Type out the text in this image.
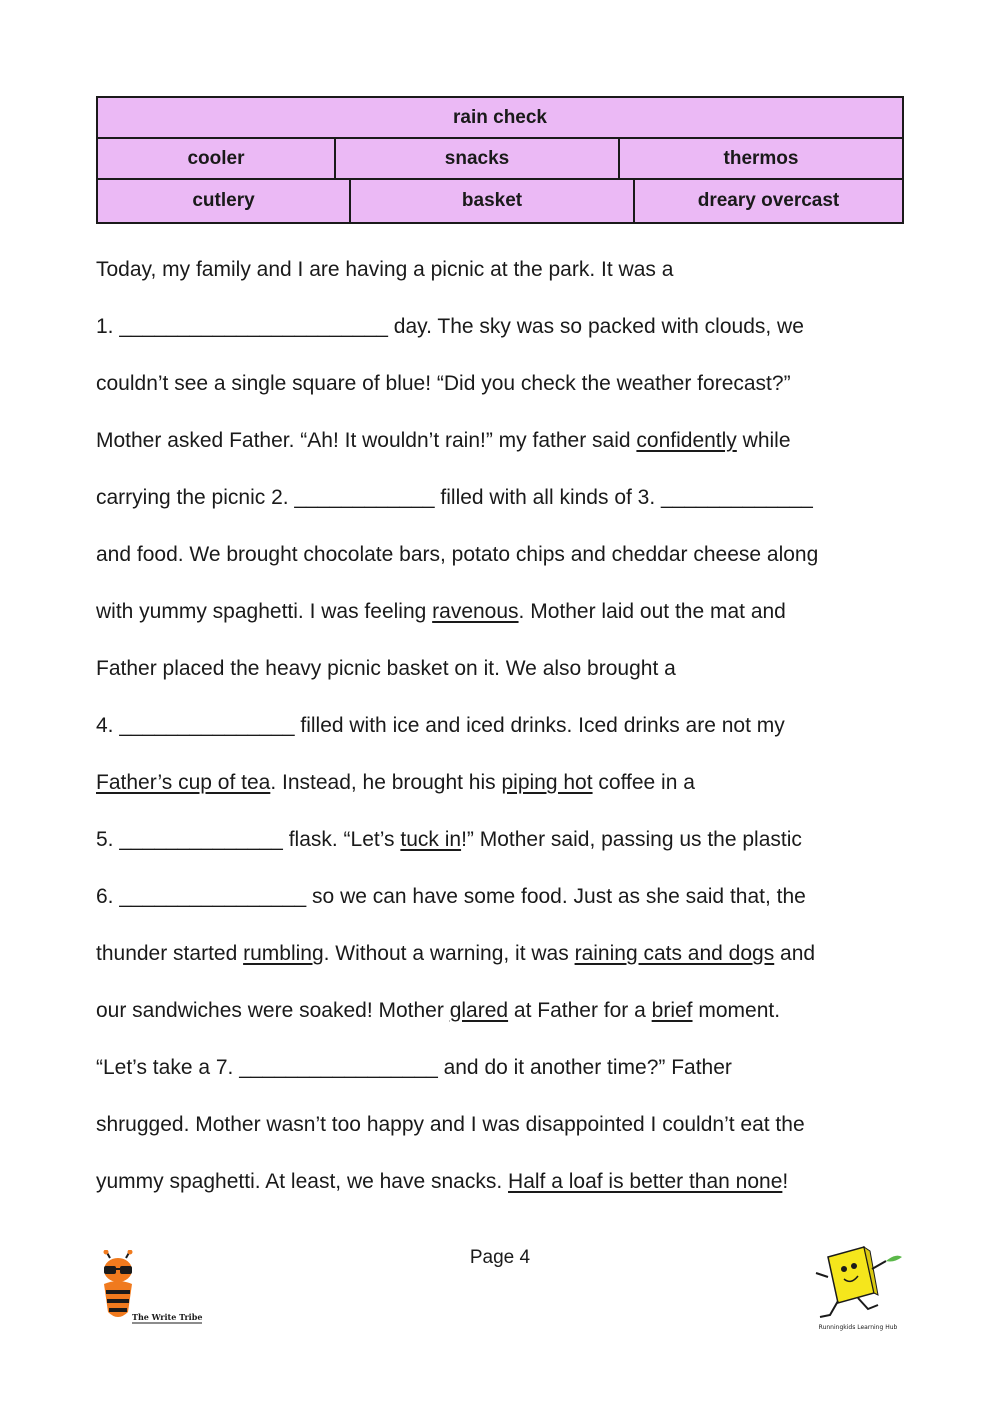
rain check
cooler	snacks	thermos
cutlery	basket	dreary overcast
Today, my family and I are having a picnic at the park. It was a
1. _______________________ day. The sky was so packed with clouds, we
couldn’t see a single square of blue! “Did you check the weather forecast?”
Mother asked Father. “Ah! It wouldn’t rain!” my father said confidently while
carrying the picnic 2. ____________ filled with all kinds of 3. _____________
and food. We brought chocolate bars, potato chips and cheddar cheese along
with yummy spaghetti. I was feeling ravenous. Mother laid out the mat and
Father placed the heavy picnic basket on it. We also brought a
4. _______________ filled with ice and iced drinks. Iced drinks are not my
Father’s cup of tea. Instead, he brought his piping hot coffee in a
5. ______________ flask. “Let’s tuck in!” Mother said, passing us the plastic
6. ________________ so we can have some food. Just as she said that, the
thunder started rumbling. Without a warning, it was raining cats and dogs and
our sandwiches were soaked! Mother glared at Father for a brief moment.
“Let’s take a 7. _________________ and do it another time?” Father
shrugged. Mother wasn’t too happy and I was disappointed I couldn’t eat the
yummy spaghetti. At least, we have snacks. Half a loaf is better than none!
Page 4
The Write Tribe
Runningkids Learning Hub
